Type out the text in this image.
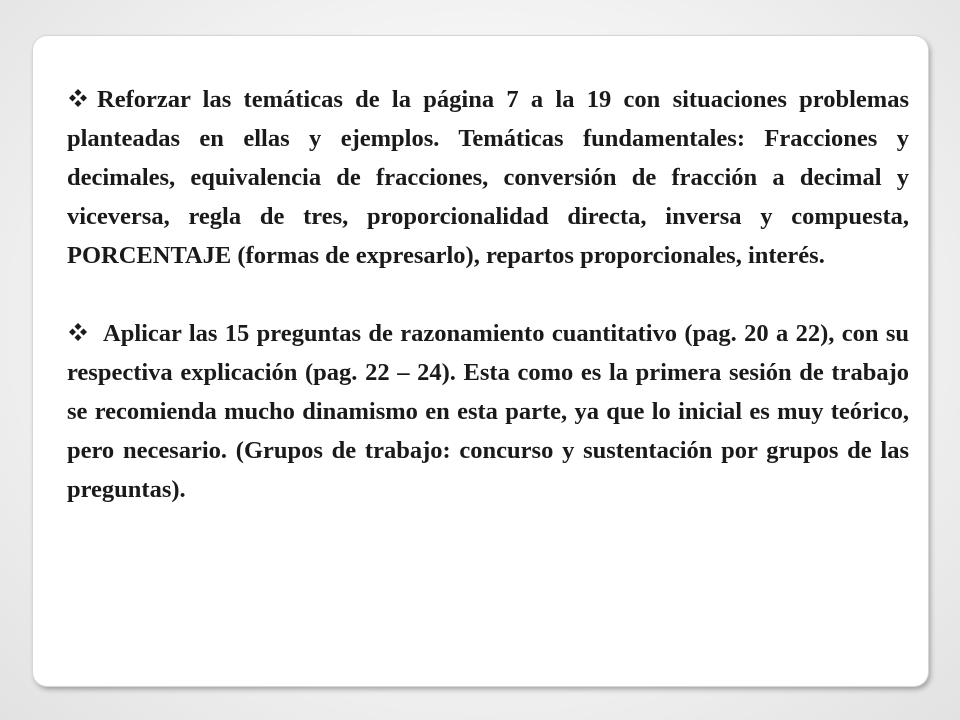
Reforzar las temáticas de la página 7 a la 19 con situaciones problemas planteadas en ellas y ejemplos. Temáticas fundamentales: Fracciones y decimales, equivalencia de fracciones, conversión de fracción a decimal y viceversa, regla de tres, proporcionalidad directa, inversa y compuesta, PORCENTAJE (formas de expresarlo), repartos proporcionales, interés.

Aplicar las 15 preguntas de razonamiento cuantitativo (pag. 20 a 22), con su respectiva explicación (pag. 22 – 24). Esta como es la primera sesión de trabajo se recomienda mucho dinamismo en esta parte, ya que lo inicial es muy teórico, pero necesario. (Grupos de trabajo: concurso y sustentación por grupos de las preguntas).
